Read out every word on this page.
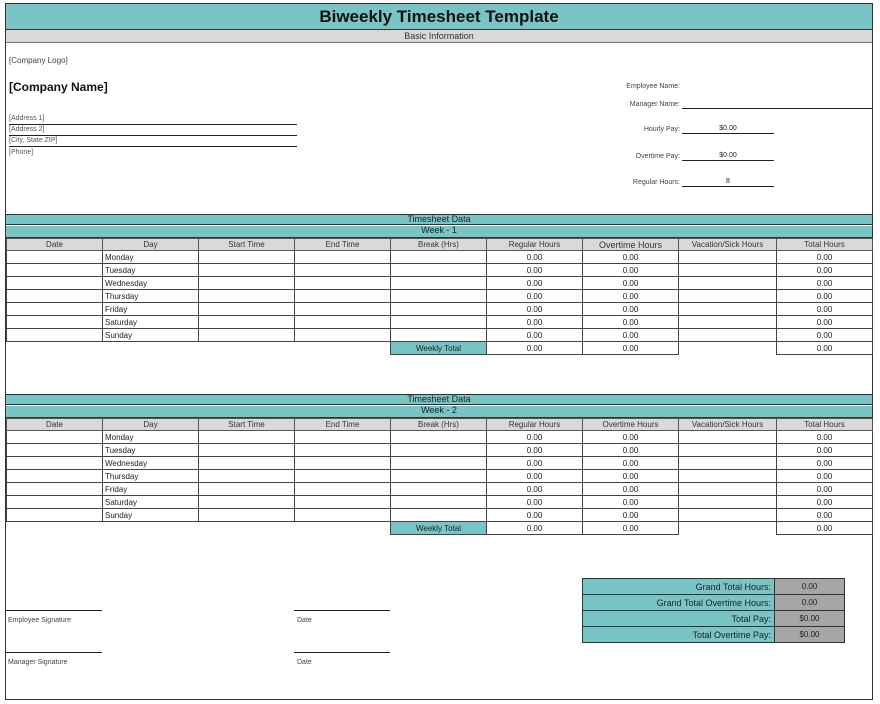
Biweekly Timesheet Template
Basic Information
[Company Logo]
[Company Name]
[Address 1]
[Address 2]
[City, State ZIP]
[Phone]
Employee Name:
Manager Name:
Hourly Pay:	$0.00
Overtime Pay:	$0.00
Regular Hours:	8
Timesheet Data
Week - 1
Date	Day	Start Time	End Time	Break (Hrs)	Regular Hours	Overtime Hours	Vacation/Sick Hours	Total Hours
	Monday				0.00	0.00		0.00
	Tuesday				0.00	0.00		0.00
	Wednesday				0.00	0.00		0.00
	Thursday				0.00	0.00		0.00
	Friday				0.00	0.00		0.00
	Saturday				0.00	0.00		0.00
	Sunday				0.00	0.00		0.00
				Weekly Total	0.00	0.00		0.00
Timesheet Data
Week - 2
Date	Day	Start Time	End Time	Break (Hrs)	Regular Hours	Overtime Hours	Vacation/Sick Hours	Total Hours
	Monday				0.00	0.00		0.00
	Tuesday				0.00	0.00		0.00
	Wednesday				0.00	0.00		0.00
	Thursday				0.00	0.00		0.00
	Friday				0.00	0.00		0.00
	Saturday				0.00	0.00		0.00
	Sunday				0.00	0.00		0.00
				Weekly Total	0.00	0.00		0.00
Grand Total Hours:	0.00
Grand Total Overtime Hours:	0.00
Total Pay:	$0.00
Total Overtime Pay:	$0.00
Employee Signature	Date
Manager Signature	Date
